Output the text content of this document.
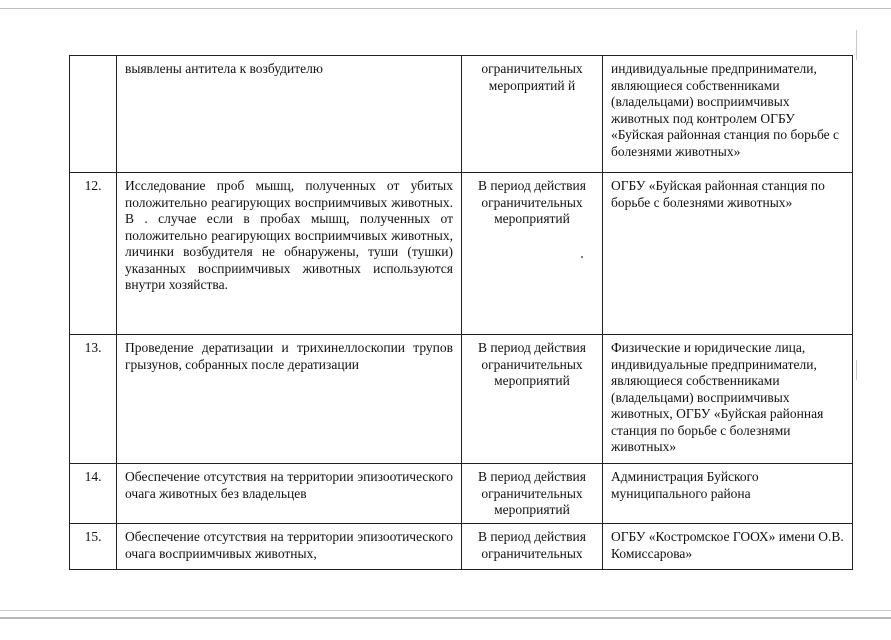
	выявлены антитела к возбудителю	ограничительных мероприятий й	индивидуальные предприниматели, являющиеся собственниками (владельцами) восприимчивых животных под контролем ОГБУ «Буйская районная станция по борьбе с болезнями животных»
12.	Исследование проб мышц, полученных от убитых положительно реагирующих восприимчивых животных. В . случае если в пробах мышц, полученных от положительно реагирующих восприимчивых животных, личинки возбудителя не обнаружены, туши (тушки) указанных восприимчивых животных используются внутри хозяйства.	В период действия ограничительных мероприятий	ОГБУ «Буйская районная станция по борьбе с болезнями животных»
13.	Проведение дератизации и трихинеллоскопии трупов грызунов, собранных после дератизации	В период действия ограничительных мероприятий	Физические и юридические лица, индивидуальные предприниматели, являющиеся собственниками (владельцами) восприимчивых животных, ОГБУ «Буйская районная станция по борьбе с болезнями животных»
14.	Обеспечение отсутствия на территории эпизоотического очага животных без владельцев	В период действия ограничительных мероприятий	Администрация Буйского муниципального района
15.	Обеспечение отсутствия на территории эпизоотического очага восприимчивых животных,	В период действия ограничительных	ОГБУ «Костромское ГООХ» имени О.В. Комиссарова»
